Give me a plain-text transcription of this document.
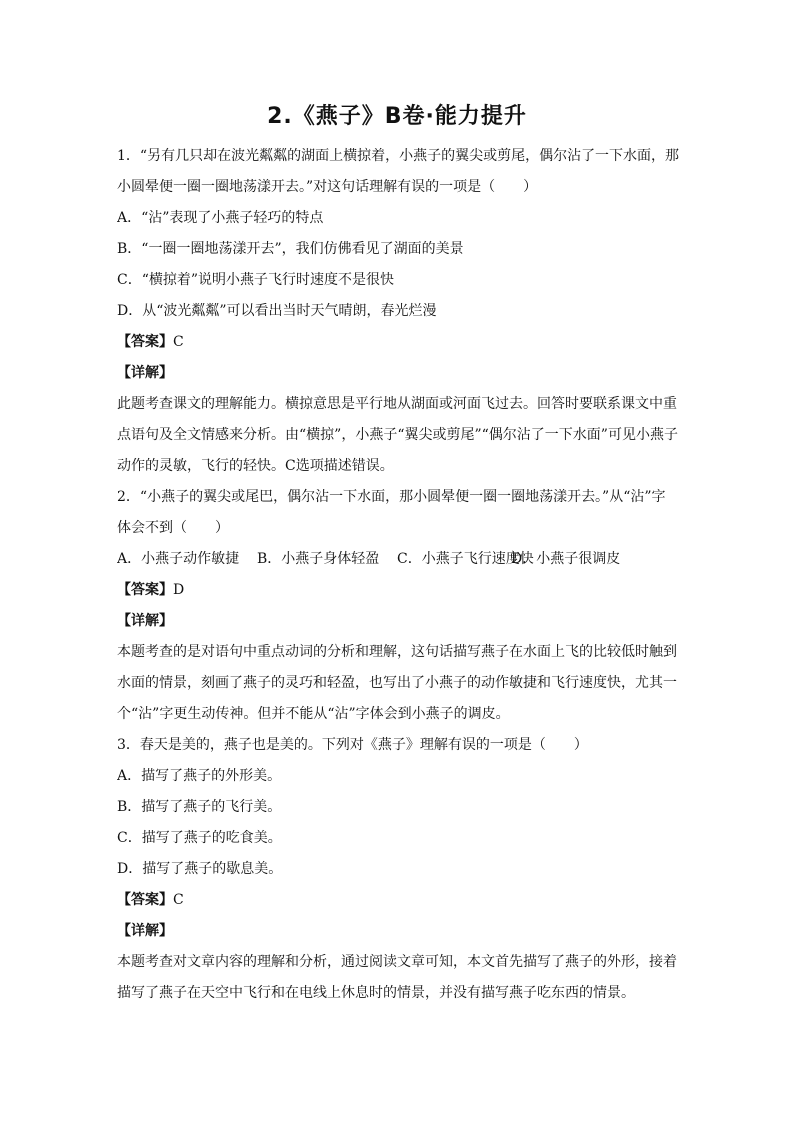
2.《燕子》B卷·能力提升
1．“另有几只却在波光粼粼的湖面上横掠着，小燕子的翼尖或剪尾，偶尔沾了一下水面，那
小圆晕便一圈一圈地荡漾开去。”对这句话理解有误的一项是（　　）
A．“沾”表现了小燕子轻巧的特点
B．“一圈一圈地荡漾开去”，我们仿佛看见了湖面的美景
C．“横掠着”说明小燕子飞行时速度不是很快
D．从“波光粼粼”可以看出当时天气晴朗，春光烂漫
【答案】C
【详解】
此题考查课文的理解能力。横掠意思是平行地从湖面或河面飞过去。回答时要联系课文中重
点语句及全文情感来分析。由“横掠”，小燕子“翼尖或剪尾”“偶尔沾了一下水面”可见小燕子
动作的灵敏，飞行的轻快。C选项描述错误。
2．“小燕子的翼尖或尾巴，偶尔沾一下水面，那小圆晕便一圈一圈地荡漾开去。”从“沾”字
体会不到（　　）
A．小燕子动作敏捷 B．小燕子身体轻盈 C．小燕子飞行速度快D．小燕子很调皮
【答案】D
【详解】
本题考查的是对语句中重点动词的分析和理解，这句话描写燕子在水面上飞的比较低时触到
水面的情景，刻画了燕子的灵巧和轻盈，也写出了小燕子的动作敏捷和飞行速度快，尤其一
个“沾”字更生动传神。但并不能从“沾”字体会到小燕子的调皮。
3．春天是美的，燕子也是美的。下列对《燕子》理解有误的一项是（　　）
A．描写了燕子的外形美。
B．描写了燕子的飞行美。
C．描写了燕子的吃食美。
D．描写了燕子的歇息美。
【答案】C
【详解】
本题考查对文章内容的理解和分析，通过阅读文章可知，本文首先描写了燕子的外形，接着
描写了燕子在天空中飞行和在电线上休息时的情景，并没有描写燕子吃东西的情景。
